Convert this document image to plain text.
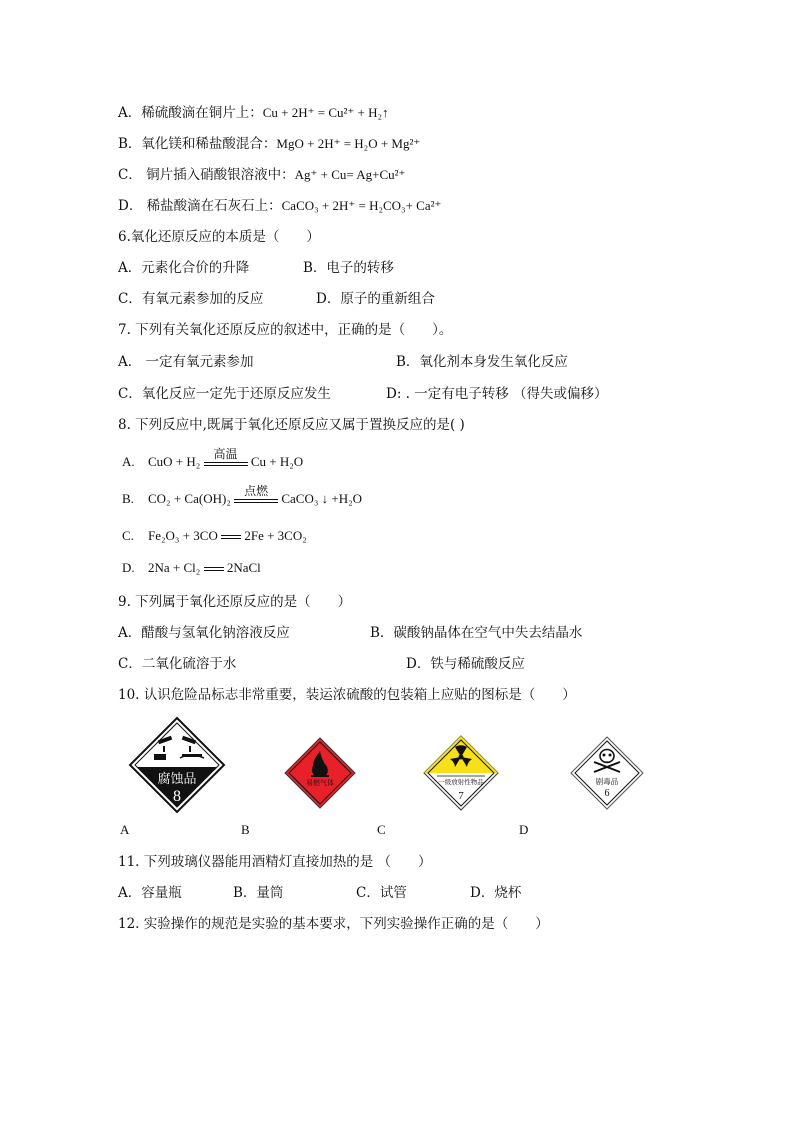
A．稀硫酸滴在铜片上：Cu + 2H⁺ = Cu²⁺ + H₂↑
B．氧化镁和稀盐酸混合：MgO + 2H⁺ = H₂O + Mg²⁺
C． 铜片插入硝酸银溶液中：Ag⁺ + Cu= Ag+Cu²⁺
D． 稀盐酸滴在石灰石上：CaCO₃ + 2H⁺ = H₂CO₃+ Ca²⁺
6.氧化还原反应的本质是（　　）
A．元素化合价的升降	B．电子的转移
C．有氧元素参加的反应	D．原子的重新组合
7. 下列有关氧化还原反应的叙述中，正确的是（　　）。
A． 一定有氧元素参加	B．氧化剂本身发生氧化反应
C．氧化反应一定先于还原反应发生	D: . 一定有电子转移 （得失或偏移）
8. 下列反应中,既属于氧化还原反应又属于置换反应的是( )
A. CuO + H₂	高温	Cu + H₂O
B. CO₂ + Ca(OH)₂	点燃	CaCO₃ ↓ +H₂O
C. Fe₂O₃ + 3CO 2Fe + 3CO₂
D. 2Na + Cl₂ 2NaCl
9. 下列属于氧化还原反应的是（　　）
A．醋酸与氢氧化钠溶液反应	B．碳酸钠晶体在空气中失去结晶水
C．二氧化硫溶于水	D．铁与稀硫酸反应
10. 认识危险品标志非常重要，装运浓硫酸的包装箱上应贴的图标是（　　）
腐蚀品
8
易燃气体	一级放射性物品
7
剧毒品
6
A	B	C	D
11. 下列玻璃仪器能用酒精灯直接加热的是 （　　）
A．容量瓶	B．量筒	C．试管	D．烧杯
12. 实验操作的规范是实验的基本要求，下列实验操作正确的是（　　）
